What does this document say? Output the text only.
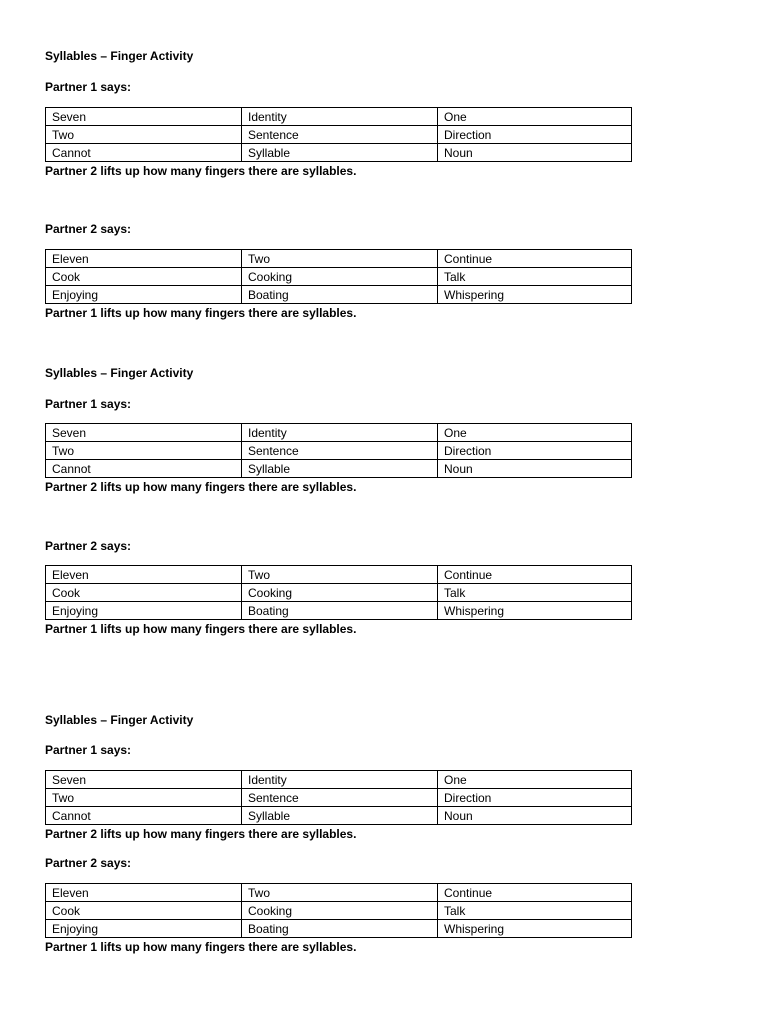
Syllables – Finger Activity
Partner 1 says:
Seven	Identity	One
Two	Sentence	Direction
Cannot	Syllable	Noun
Partner 2 lifts up how many fingers there are syllables.
Partner 2 says:
Eleven	Two	Continue
Cook	Cooking	Talk
Enjoying	Boating	Whispering
Partner 1 lifts up how many fingers there are syllables.
Syllables – Finger Activity
Partner 1 says:
Seven	Identity	One
Two	Sentence	Direction
Cannot	Syllable	Noun
Partner 2 lifts up how many fingers there are syllables.
Partner 2 says:
Eleven	Two	Continue
Cook	Cooking	Talk
Enjoying	Boating	Whispering
Partner 1 lifts up how many fingers there are syllables.
Syllables – Finger Activity
Partner 1 says:
Seven	Identity	One
Two	Sentence	Direction
Cannot	Syllable	Noun
Partner 2 lifts up how many fingers there are syllables.
Partner 2 says:
Eleven	Two	Continue
Cook	Cooking	Talk
Enjoying	Boating	Whispering
Partner 1 lifts up how many fingers there are syllables.
